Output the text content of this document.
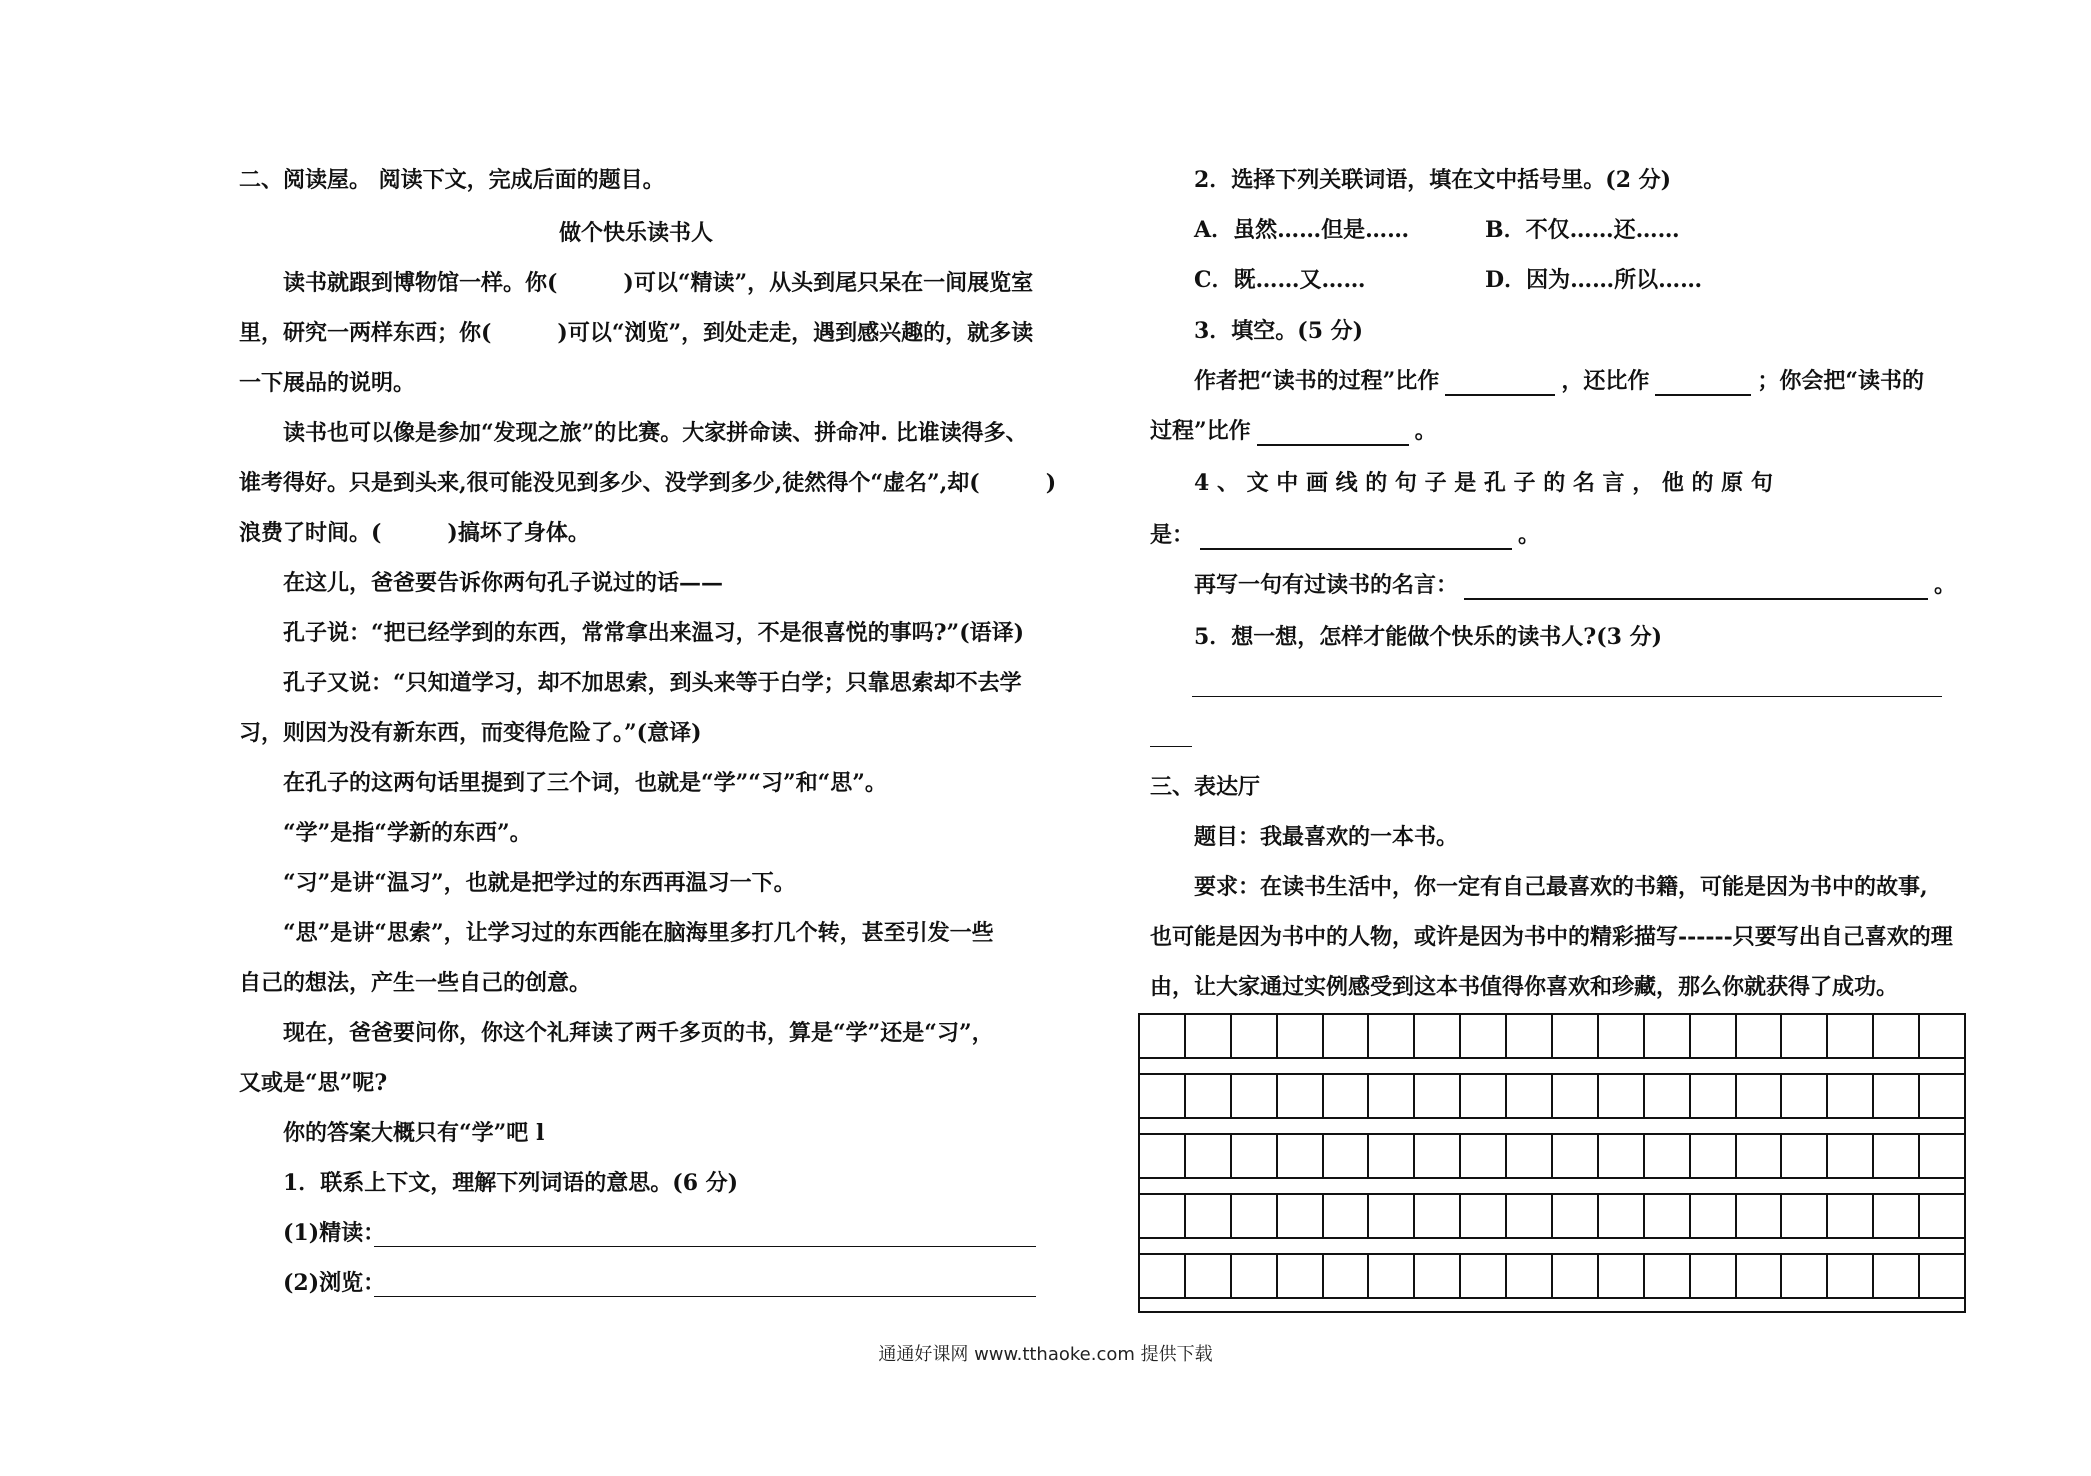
二、阅读屋。 阅读下文，完成后面的题目。
做个快乐读书人
读书就跟到博物馆一样。你(　　　)可以“精读”，从头到尾只呆在一间展览室
里，研究一两样东西；你(　　　)可以“浏览”，到处走走，遇到感兴趣的，就多读
一下展品的说明。
读书也可以像是参加“发现之旅”的比赛。大家拼命读、拼命冲. 比谁读得多、
谁考得好。只是到头来,很可能没见到多少、没学到多少,徒然得个“虚名”,却(　　　)
浪费了时间。(　　　)搞坏了身体。
在这儿，爸爸要告诉你两句孔子说过的话——
孔子说：“把已经学到的东西，常常拿出来温习，不是很喜悦的事吗?”(语译)
孔子又说：“只知道学习，却不加思索，到头来等于白学；只靠思索却不去学
习，则因为没有新东西，而变得危险了。”(意译)
在孔子的这两句话里提到了三个词，也就是“学”“习”和“思”。
“学”是指“学新的东西”。
“习”是讲“温习”，也就是把学过的东西再温习一下。
“思”是讲“思索”，让学习过的东西能在脑海里多打几个转，甚至引发一些
自己的想法，产生一些自己的创意。
现在，爸爸要问你，你这个礼拜读了两千多页的书，算是“学”还是“习”，
又或是“思”呢?
你的答案大概只有“学”吧 l
1．联系上下文，理解下列词语的意思。(6 分)
(1)精读：
(2)浏览：
2．选择下列关联词语，填在文中括号里。(2 分)
A．虽然……但是……	B．不仅……还……
C．既……又……	D．因为……所以……
3．填空。(5 分)
作者把“读书的过程”比作	，还比作	；你会把“读书的
过程”比作	。
4 、 文 中 画 线 的 句 子 是 孔 子 的 名 言 ， 他 的 原 句
是：	。
再写一句有过读书的名言：	。
5．想一想，怎样才能做个快乐的读书人?(3 分)
三、表达厅
题目：我最喜欢的一本书。
要求：在读书生活中，你一定有自己最喜欢的书籍，可能是因为书中的故事,
也可能是因为书中的人物，或许是因为书中的精彩描写------只要写出自己喜欢的理
由，让大家通过实例感受到这本书值得你喜欢和珍藏，那么你就获得了成功。
通通好课网 www.tthaoke.com 提供下载
